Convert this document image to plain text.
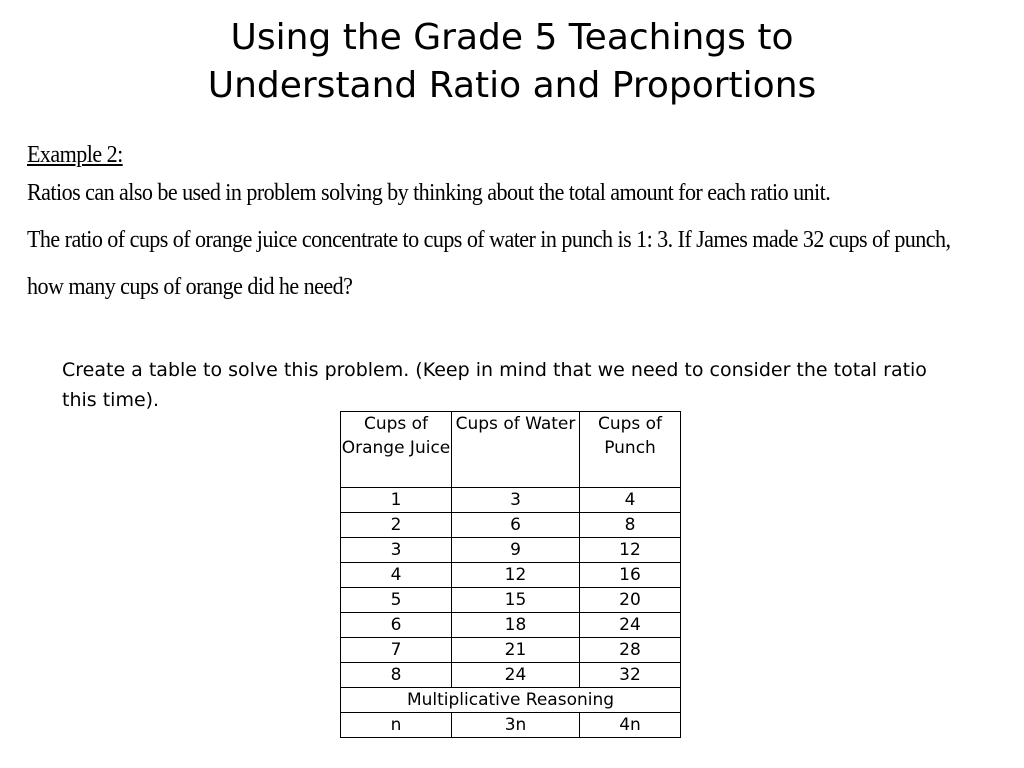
Using the Grade 5 Teachings to
Understand Ratio and Proportions
Example 2:
Ratios can also be used in problem solving by thinking about the total amount for each ratio unit.
The ratio of cups of orange juice concentrate to cups of water in punch is 1: 3. If James made 32 cups of punch,
how many cups of orange did he need?
Create a table to solve this problem. (Keep in mind that we need to consider the total ratio this time).
Cups of Orange Juice	Cups of Water	Cups of Punch
1	3	4
2	6	8
3	9	12
4	12	16
5	15	20
6	18	24
7	21	28
8	24	32
Multiplicative Reasoning		
n	3n	4n
